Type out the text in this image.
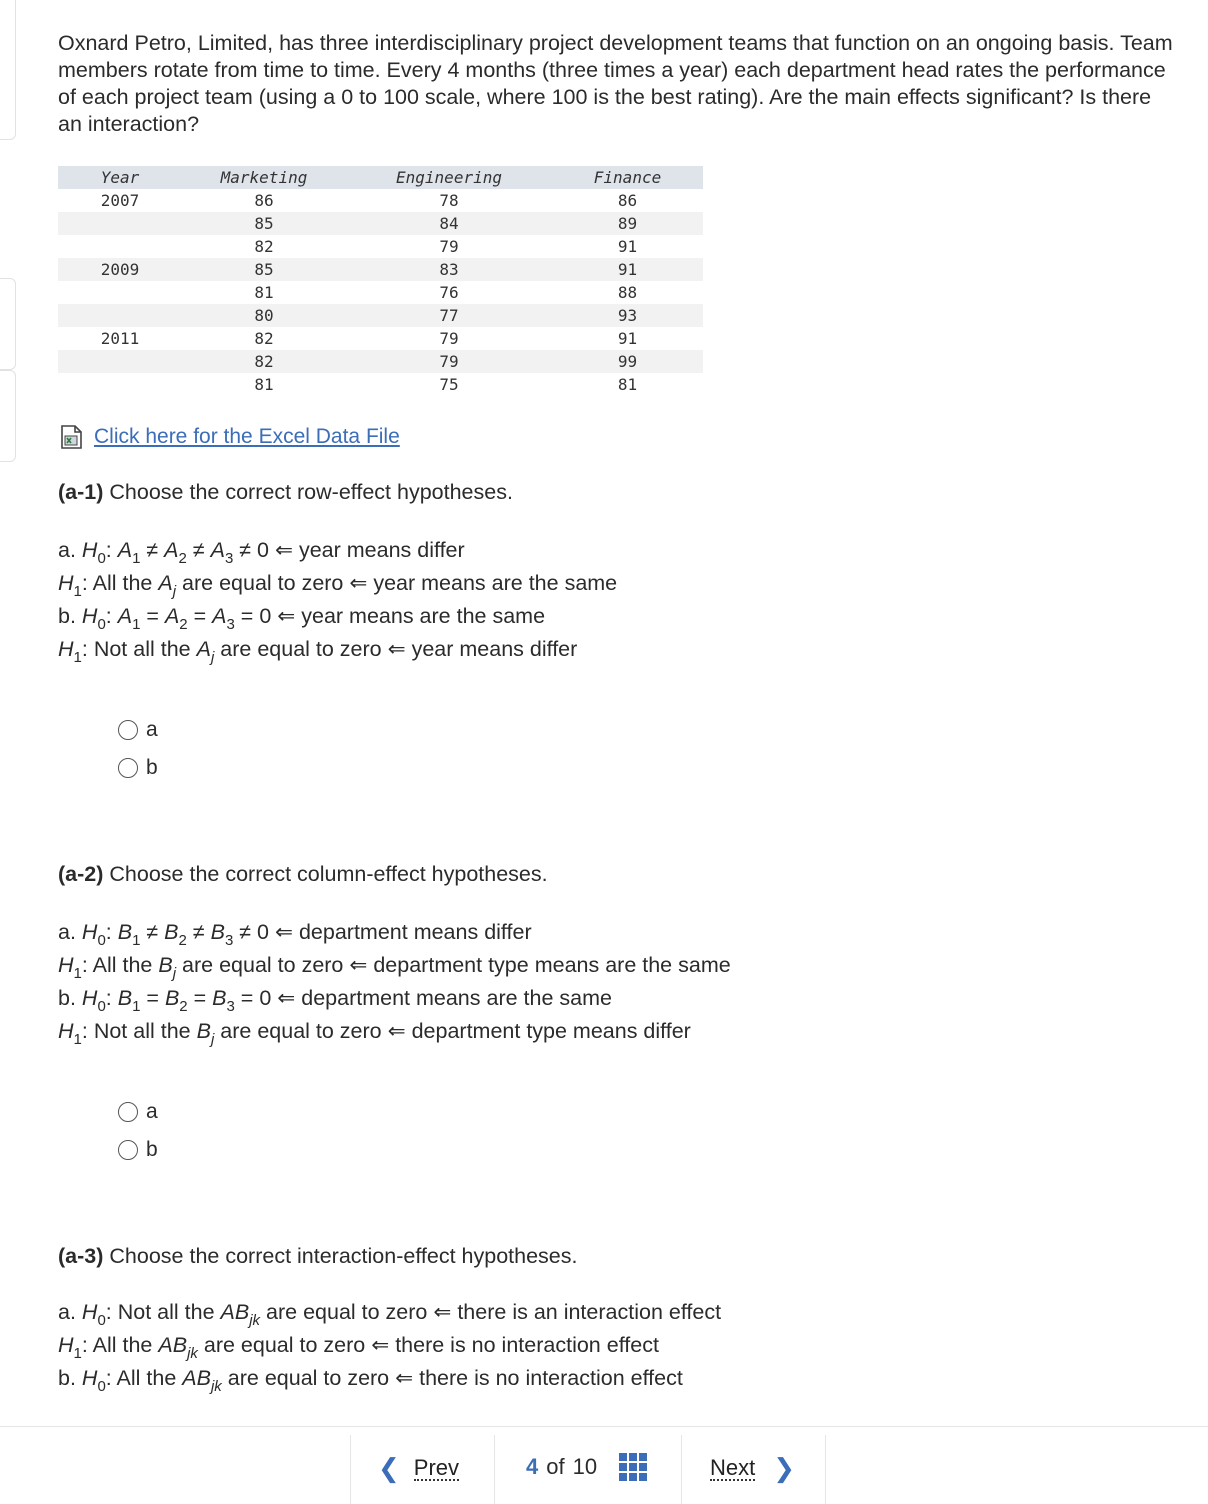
Oxnard Petro, Limited, has three interdisciplinary project development teams that function on an ongoing basis. Team members rotate from time to time. Every 4 months (three times a year) each department head rates the performance of each project team (using a 0 to 100 scale, where 100 is the best rating). Are the main effects significant? Is there an interaction?

Year	Marketing	Engineering	Finance
2007	86	78	86
	85	84	89
	82	79	91
2009	85	83	91
	81	76	88
	80	77	93
2011	82	79	91
	82	79	99
	81	75	81
Click here for the Excel Data File

(a-1) Choose the correct row-effect hypotheses.

a. $H_0$: $A_1 \ne A_2 \ne A_3 \ne 0$ ⇐ year means differ
$H_1$: All the $A_j$ are equal to zero ⇐ year means are the same
b. $H_0$: $A_1 = A_2 = A_3 = 0$ ⇐ year means are the same
$H_1$: Not all the $A_j$ are equal to zero ⇐ year means differ
a
b

(a-2) Choose the correct column-effect hypotheses.

a. $H_0$: $B_1 \ne B_2 \ne B_3 \ne 0$ ⇐ department means differ
$H_1$: All the $B_j$ are equal to zero ⇐ department type means are the same
b. $H_0$: $B_1 = B_2 = B_3 = 0$ ⇐ department means are the same
$H_1$: Not all the $B_j$ are equal to zero ⇐ department type means differ
a
b

(a-3) Choose the correct interaction-effect hypotheses.

a. $H_0$: Not all the $AB_{jk}$ are equal to zero ⇐ there is an interaction effect
$H_1$: All the $AB_{jk}$ are equal to zero ⇐ there is no interaction effect
b. $H_0$: All the $AB_{jk}$ are equal to zero ⇐ there is no interaction effect
❮ Prev	4 of 10	Next ❯
